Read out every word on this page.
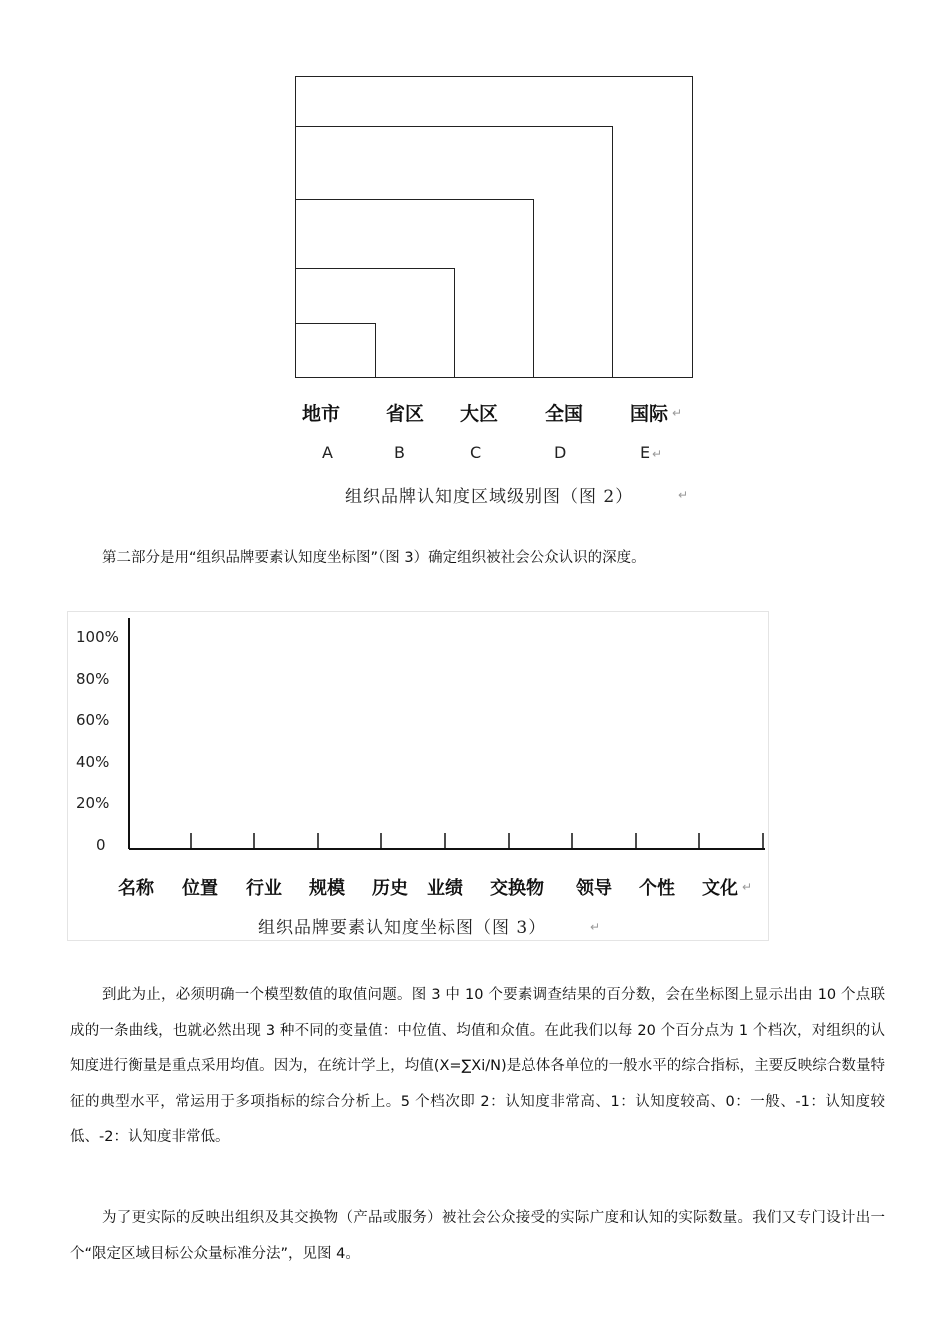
地市 省区 大区 全国 国际 ↵
A	B	C	D	E ↵
组织品牌认知度区域级别图（图 2）	↵
第二部分是用“组织品牌要素认知度坐标图”（图 3）确定组织被社会公众认识的深度。
100%
80%
60%
40%
20%
0
名称 位置 行业 规模 历史 业绩 交换物 领导 个性 文化 ↵
组织品牌要素认知度坐标图（图 3）	↵
到此为止，必须明确一个模型数值的取值问题。图 3 中 10 个要素调查结果的百分数，会在坐标图上显示出由 10 个点联成的一条曲线，也就必然出现 3 种不同的变量值：中位值、均值和众值。在此我们以每 20 个百分点为 1 个档次，对组织的认知度进行衡量是重点采用均值。因为，在统计学上，均值(X=∑Xi/N)是总体各单位的一般水平的综合指标，主要反映综合数量特征的典型水平，常运用于多项指标的综合分析上。5 个档次即 2：认知度非常高、1：认知度较高、0：一般、-1：认知度较低、-2：认知度非常低。
为了更实际的反映出组织及其交换物（产品或服务）被社会公众接受的实际广度和认知的实际数量。我们又专门设计出一个“限定区域目标公众量标准分法”，见图 4。
